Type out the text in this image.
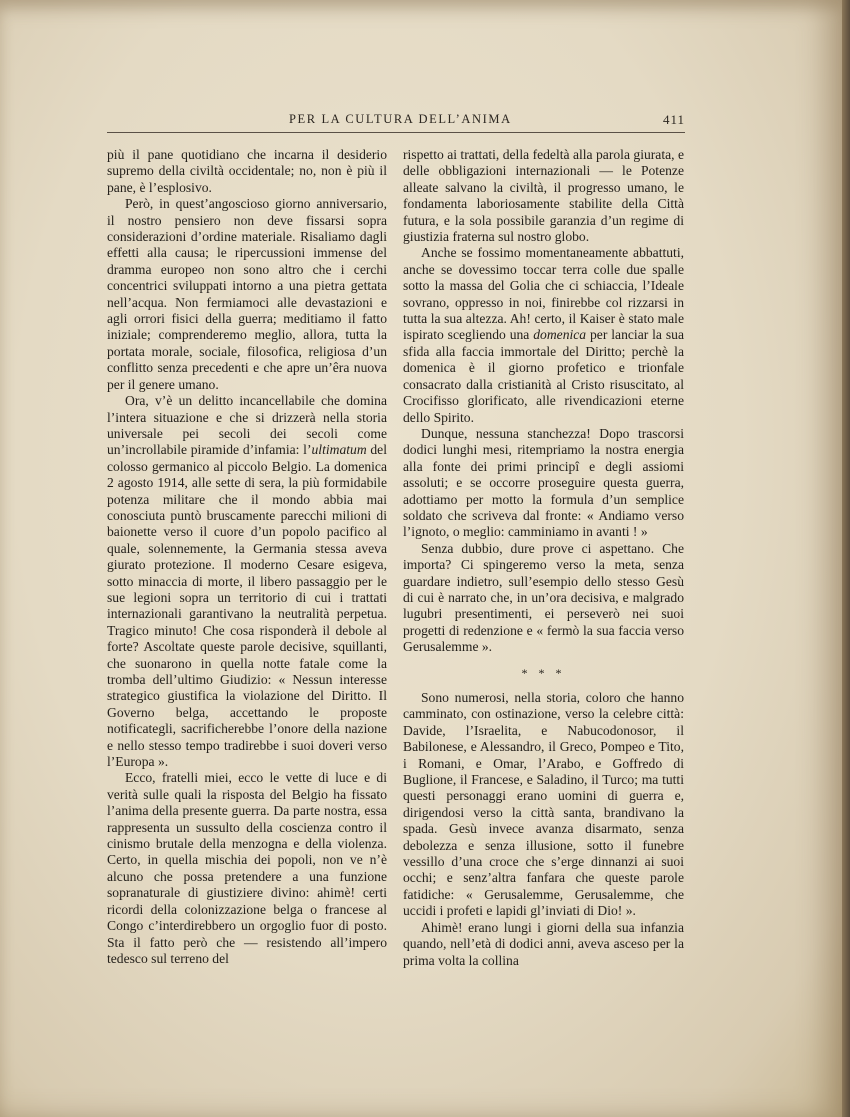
PER LA CULTURA DELL’ANIMA	411

più il pane quotidiano che incarna il desiderio supremo della civiltà occidentale; no, non è più il pane, è l’esplosivo.

Però, in quest’angoscioso giorno anniversario, il nostro pensiero non deve fissarsi sopra considerazioni d’ordine materiale. Risaliamo dagli effetti alla causa; le ripercussioni immense del dramma europeo non sono altro che i cerchi concentrici sviluppati intorno a una pietra gettata nell’acqua. Non fermiamoci alle devastazioni e agli orrori fisici della guerra; meditiamo il fatto iniziale; comprenderemo meglio, allora, tutta la portata morale, sociale, filosofica, religiosa d’un conflitto senza precedenti e che apre un’êra nuova per il genere umano.

Ora, v’è un delitto incancellabile che domina l’intera situazione e che si drizzerà nella storia universale pei secoli dei secoli come un’incrollabile piramide d’infamia: l’ultimatum del colosso germanico al piccolo Belgio. La domenica 2 agosto 1914, alle sette di sera, la più formidabile potenza militare che il mondo abbia mai conosciuta puntò bruscamente parecchi milioni di baionette verso il cuore d’un popolo pacifico al quale, solennemente, la Germania stessa aveva giurato protezione. Il moderno Cesare esigeva, sotto minaccia di morte, il libero passaggio per le sue legioni sopra un territorio di cui i trattati internazionali garantivano la neutralità perpetua. Tragico minuto! Che cosa risponderà il debole al forte? Ascoltate queste parole decisive, squillanti, che suonarono in quella notte fatale come la tromba dell’ultimo Giudizio: « Nessun interesse strategico giustifica la violazione del Diritto. Il Governo belga, accettando le proposte notificategli, sacrificherebbe l’onore della nazione e nello stesso tempo tradirebbe i suoi doveri verso l’Europa ».

Ecco, fratelli miei, ecco le vette di luce e di verità sulle quali la risposta del Belgio ha fissato l’anima della presente guerra. Da parte nostra, essa rappresenta un sussulto della coscienza contro il cinismo brutale della menzogna e della violenza. Certo, in quella mischia dei popoli, non ve n’è alcuno che possa pretendere a una funzione sopranaturale di giustiziere divino: ahimè! certi ricordi della colonizzazione belga o francese al Congo c’interdirebbero un orgoglio fuor di posto. Sta il fatto però che — resistendo all’impero tedesco sul terreno del

rispetto ai trattati, della fedeltà alla parola giurata, e delle obbligazioni internazionali — le Potenze alleate salvano la civiltà, il progresso umano, le fondamenta laboriosamente stabilite della Città futura, e la sola possibile garanzia d’un regime di giustizia fraterna sul nostro globo.

Anche se fossimo momentaneamente abbattuti, anche se dovessimo toccar terra colle due spalle sotto la massa del Golia che ci schiaccia, l’Ideale sovrano, oppresso in noi, finirebbe col rizzarsi in tutta la sua altezza. Ah! certo, il Kaiser è stato male ispirato scegliendo una domenica per lanciar la sua sfida alla faccia immortale del Diritto; perchè la domenica è il giorno profetico e trionfale consacrato dalla cristianità al Cristo risuscitato, al Crocifisso glorificato, alle rivendicazioni eterne dello Spirito.

Dunque, nessuna stanchezza! Dopo trascorsi dodici lunghi mesi, ritempriamo la nostra energia alla fonte dei primi principî e degli assiomi assoluti; e se occorre proseguire questa guerra, adottiamo per motto la formula d’un semplice soldato che scriveva dal fronte: « Andiamo verso l’ignoto, o meglio: camminiamo in avanti ! »

Senza dubbio, dure prove ci aspettano. Che importa? Ci spingeremo verso la meta, senza guardare indietro, sull’esempio dello stesso Gesù di cui è narrato che, in un’ora decisiva, e malgrado lugubri presentimenti, ei perseverò nei suoi progetti di redenzione e « fermò la sua faccia verso Gerusalemme ».

* * *

Sono numerosi, nella storia, coloro che hanno camminato, con ostinazione, verso la celebre città: Davide, l’Israelita, e Nabucodonosor, il Babilonese, e Alessandro, il Greco, Pompeo e Tito, i Romani, e Omar, l’Arabo, e Goffredo di Buglione, il Francese, e Saladino, il Turco; ma tutti questi personaggi erano uomini di guerra e, dirigendosi verso la città santa, brandivano la spada. Gesù invece avanza disarmato, senza debolezza e senza illusione, sotto il funebre vessillo d’una croce che s’erge dinnanzi ai suoi occhi; e senz’altra fanfara che queste parole fatidiche: « Gerusalemme, Gerusalemme, che uccidi i profeti e lapidi gl’inviati di Dio! ».

Ahimè! erano lungi i giorni della sua infanzia quando, nell’età di dodici anni, aveva asceso per la prima volta la collina
